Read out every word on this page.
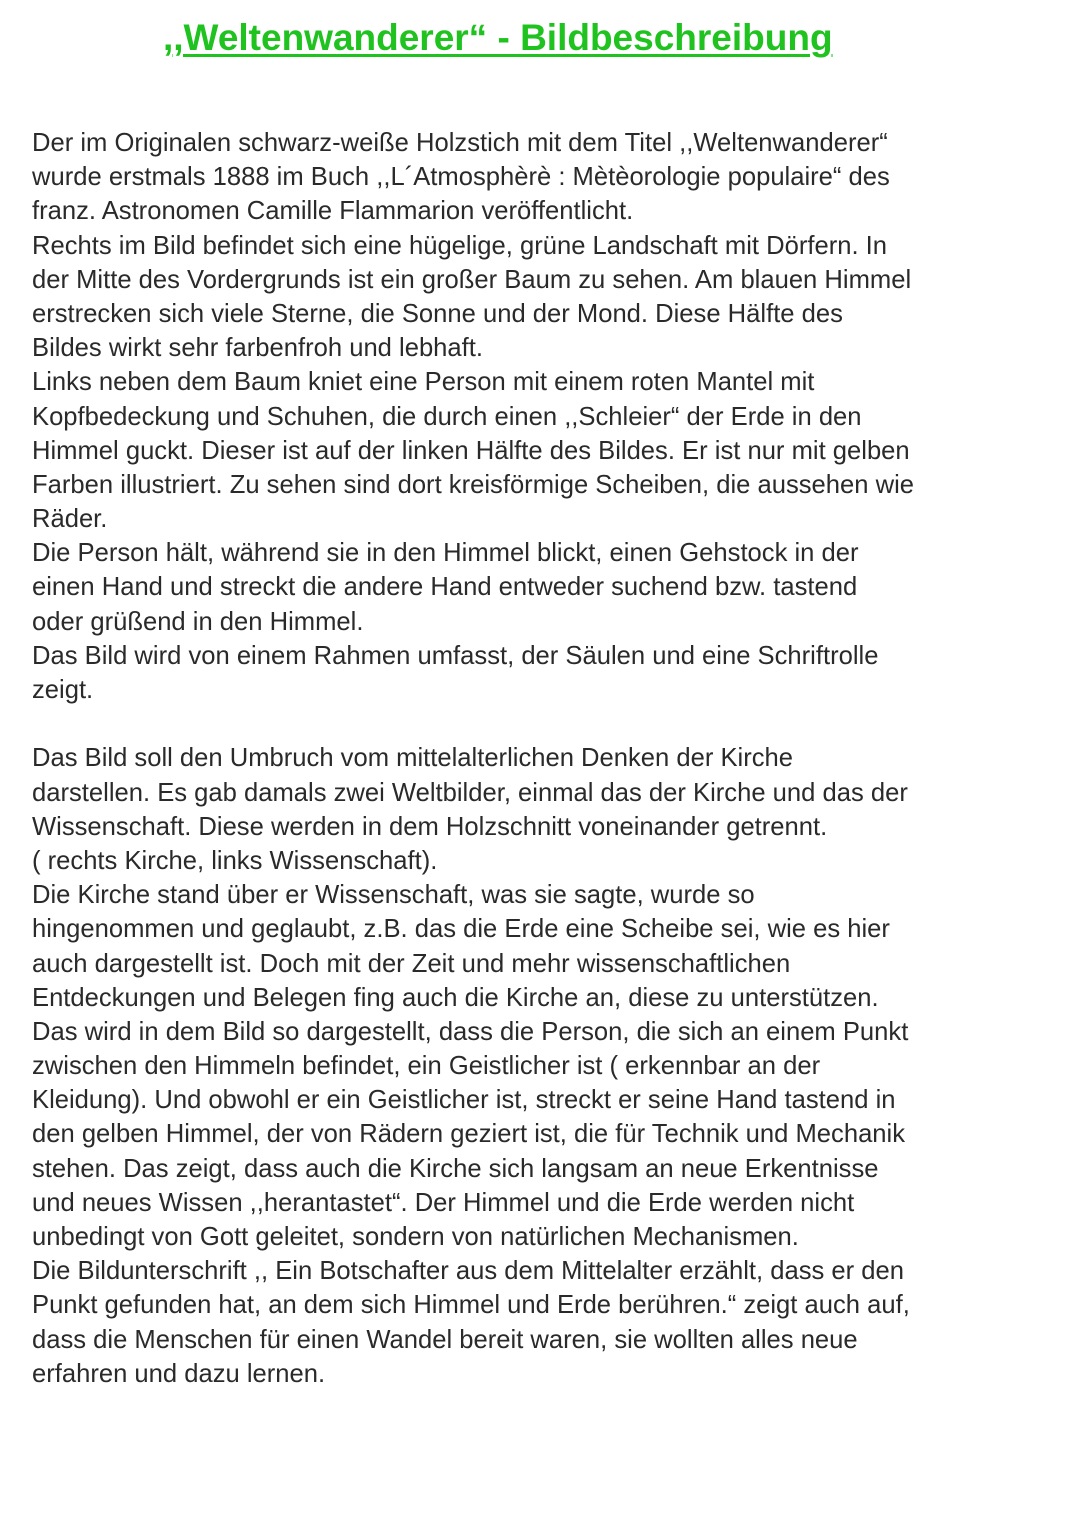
,,Weltenwanderer“ - Bildbeschreibung
Der im Originalen schwarz-weiße Holzstich mit dem Titel ,,Weltenwanderer“
wurde erstmals 1888 im Buch ,,L´Atmosphèrè : Mètèorologie populaire“ des
franz. Astronomen Camille Flammarion veröffentlicht.
Rechts im Bild befindet sich eine hügelige, grüne Landschaft mit Dörfern. In
der Mitte des Vordergrunds ist ein großer Baum zu sehen. Am blauen Himmel
erstrecken sich viele Sterne, die Sonne und der Mond. Diese Hälfte des
Bildes wirkt sehr farbenfroh und lebhaft.
Links neben dem Baum kniet eine Person mit einem roten Mantel mit
Kopfbedeckung und Schuhen, die durch einen ,,Schleier“ der Erde in den
Himmel guckt. Dieser ist auf der linken Hälfte des Bildes. Er ist nur mit gelben
Farben illustriert. Zu sehen sind dort kreisförmige Scheiben, die aussehen wie
Räder.
Die Person hält, während sie in den Himmel blickt, einen Gehstock in der
einen Hand und streckt die andere Hand entweder suchend bzw. tastend
oder grüßend in den Himmel.
Das Bild wird von einem Rahmen umfasst, der Säulen und eine Schriftrolle
zeigt.
Das Bild soll den Umbruch vom mittelalterlichen Denken der Kirche
darstellen. Es gab damals zwei Weltbilder, einmal das der Kirche und das der
Wissenschaft. Diese werden in dem Holzschnitt voneinander getrennt.
( rechts Kirche, links Wissenschaft).
Die Kirche stand über er Wissenschaft, was sie sagte, wurde so
hingenommen und geglaubt, z.B. das die Erde eine Scheibe sei, wie es hier
auch dargestellt ist. Doch mit der Zeit und mehr wissenschaftlichen
Entdeckungen und Belegen fing auch die Kirche an, diese zu unterstützen.
Das wird in dem Bild so dargestellt, dass die Person, die sich an einem Punkt
zwischen den Himmeln befindet, ein Geistlicher ist ( erkennbar an der
Kleidung). Und obwohl er ein Geistlicher ist, streckt er seine Hand tastend in
den gelben Himmel, der von Rädern geziert ist, die für Technik und Mechanik
stehen. Das zeigt, dass auch die Kirche sich langsam an neue Erkentnisse
und neues Wissen ,,herantastet“. Der Himmel und die Erde werden nicht
unbedingt von Gott geleitet, sondern von natürlichen Mechanismen.
Die Bildunterschrift ,, Ein Botschafter aus dem Mittelalter erzählt, dass er den
Punkt gefunden hat, an dem sich Himmel und Erde berühren.“ zeigt auch auf,
dass die Menschen für einen Wandel bereit waren, sie wollten alles neue
erfahren und dazu lernen.
